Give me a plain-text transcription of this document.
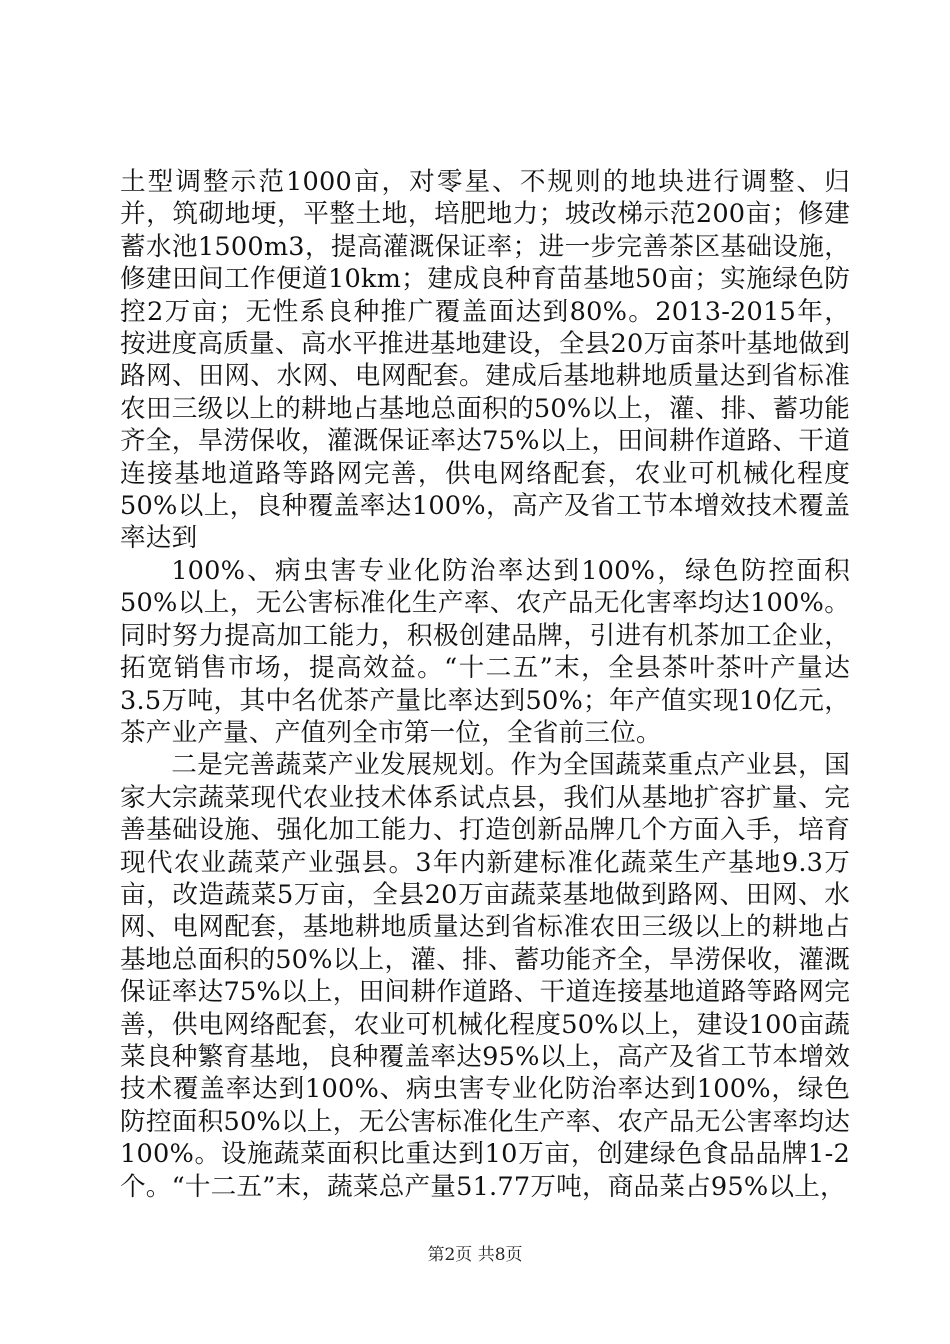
土型调整示范1000亩，对零星、不规则的地块进行调整、归并，筑砌地埂，平整土地，培肥地力；坡改梯示范200亩；修建蓄水池1500m3，提高灌溉保证率；进一步完善茶区基础设施，修建田间工作便道10km；建成良种育苗基地50亩；实施绿色防控2万亩；无性系良种推广覆盖面达到80%。2013-2015年，按进度高质量、高水平推进基地建设，全县20万亩茶叶基地做到路网、田网、水网、电网配套。建成后基地耕地质量达到省标准农田三级以上的耕地占基地总面积的50%以上，灌、排、蓄功能齐全，旱涝保收，灌溉保证率达75%以上，田间耕作道路、干道连接基地道路等路网完善，供电网络配套，农业可机械化程度50%以上，良种覆盖率达100%，高产及省工节本增效技术覆盖率达到

100%、病虫害专业化防治率达到100%，绿色防控面积50%以上，无公害标准化生产率、农产品无化害率均达100%。同时努力提高加工能力，积极创建品牌，引进有机茶加工企业，拓宽销售市场，提高效益。“十二五”末，全县茶叶茶叶产量达3.5万吨，其中名优茶产量比率达到50%；年产值实现10亿元，茶产业产量、产值列全市第一位，全省前三位。

二是完善蔬菜产业发展规划。作为全国蔬菜重点产业县，国家大宗蔬菜现代农业技术体系试点县，我们从基地扩容扩量、完善基础设施、强化加工能力、打造创新品牌几个方面入手，培育现代农业蔬菜产业强县。3年内新建标准化蔬菜生产基地9.3万亩，改造蔬菜5万亩，全县20万亩蔬菜基地做到路网、田网、水网、电网配套，基地耕地质量达到省标准农田三级以上的耕地占基地总面积的50%以上，灌、排、蓄功能齐全，旱涝保收，灌溉保证率达75%以上，田间耕作道路、干道连接基地道路等路网完善，供电网络配套，农业可机械化程度50%以上，建设100亩蔬菜良种繁育基地，良种覆盖率达95%以上，高产及省工节本增效技术覆盖率达到100%、病虫害专业化防治率达到100%，绿色防控面积50%以上，无公害标准化生产率、农产品无公害率均达100%。设施蔬菜面积比重达到10万亩，创建绿色食品品牌1-2个。“十二五”末，蔬菜总产量51.77万吨，商品菜占95%以上，

第2页 共8页
